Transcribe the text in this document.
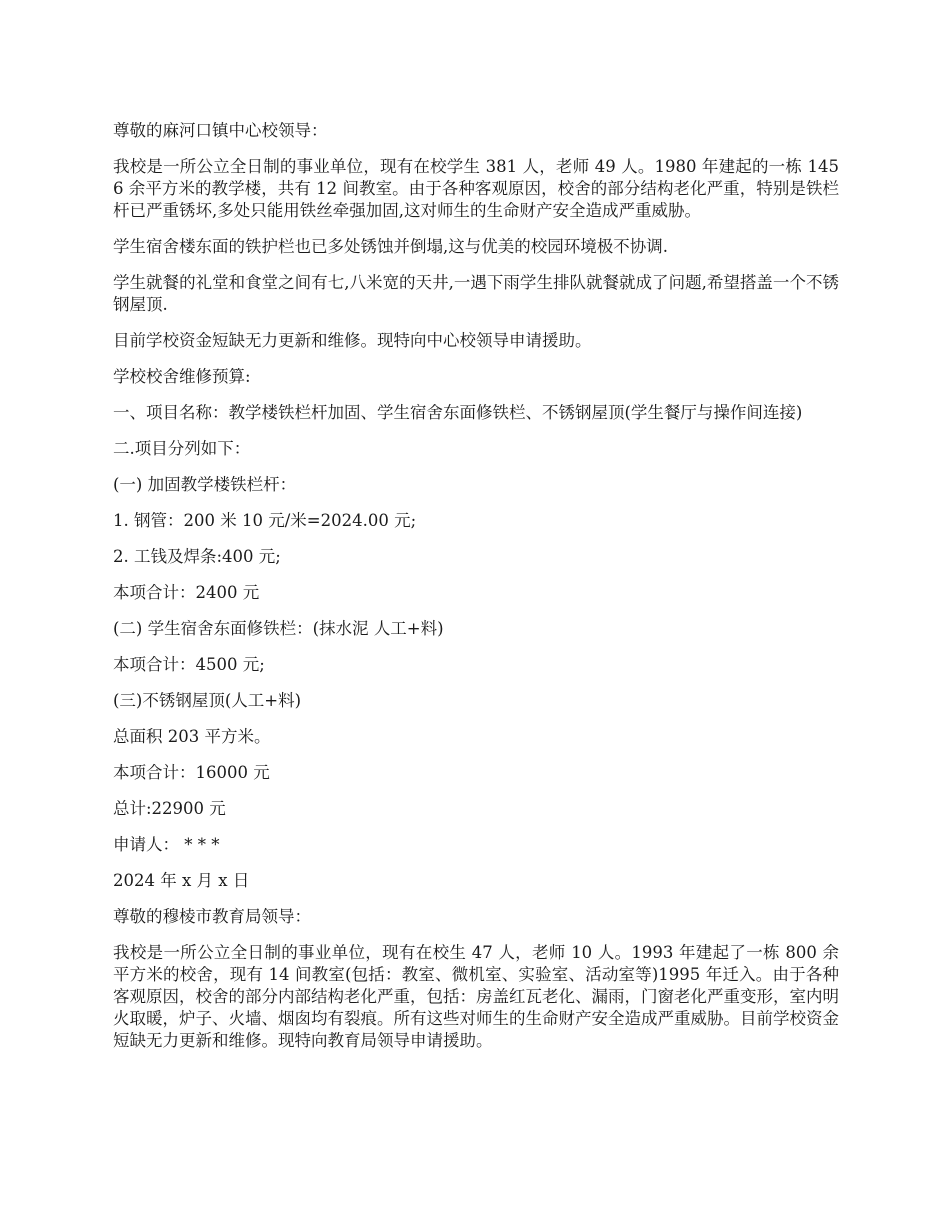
尊敬的麻河口镇中心校领导：

我校是一所公立全日制的事业单位，现有在校学生 381 人，老师 49 人。1980 年建起的一栋 1456 余平方米的教学楼，共有 12 间教室。由于各种客观原因，校舍的部分结构老化严重，特别是铁栏杆已严重锈坏,多处只能用铁丝牵强加固,这对师生的生命财产安全造成严重威胁。

学生宿舍楼东面的铁护栏也已多处锈蚀并倒塌,这与优美的校园环境极不协调.

学生就餐的礼堂和食堂之间有七,八米宽的天井,一遇下雨学生排队就餐就成了问题,希望搭盖一个不锈钢屋顶.

目前学校资金短缺无力更新和维修。现特向中心校领导申请援助。

学校校舍维修预算:

一、项目名称：教学楼铁栏杆加固、学生宿舍东面修铁栏、不锈钢屋顶(学生餐厅与操作间连接)

二.项目分列如下：

(一) 加固教学楼铁栏杆：

1. 钢管：200 米 10 元/米=2024.00 元;

2. 工钱及焊条:400 元;

本项合计：2400 元

(二) 学生宿舍东面修铁栏：(抹水泥 人工+料)

本项合计：4500 元;

(三)不锈钢屋顶(人工+料)

总面积 203 平方米。

本项合计：16000 元

总计:22900 元

申请人： * * *

2024 年 x 月 x 日

尊敬的穆棱市教育局领导：

我校是一所公立全日制的事业单位，现有在校生 47 人，老师 10 人。1993 年建起了一栋 800 余平方米的校舍，现有 14 间教室(包括：教室、微机室、实验室、活动室等)1995 年迁入。由于各种客观原因，校舍的部分内部结构老化严重，包括：房盖红瓦老化、漏雨，门窗老化严重变形，室内明火取暖，炉子、火墙、烟囱均有裂痕。所有这些对师生的生命财产安全造成严重威胁。目前学校资金短缺无力更新和维修。现特向教育局领导申请援助。
